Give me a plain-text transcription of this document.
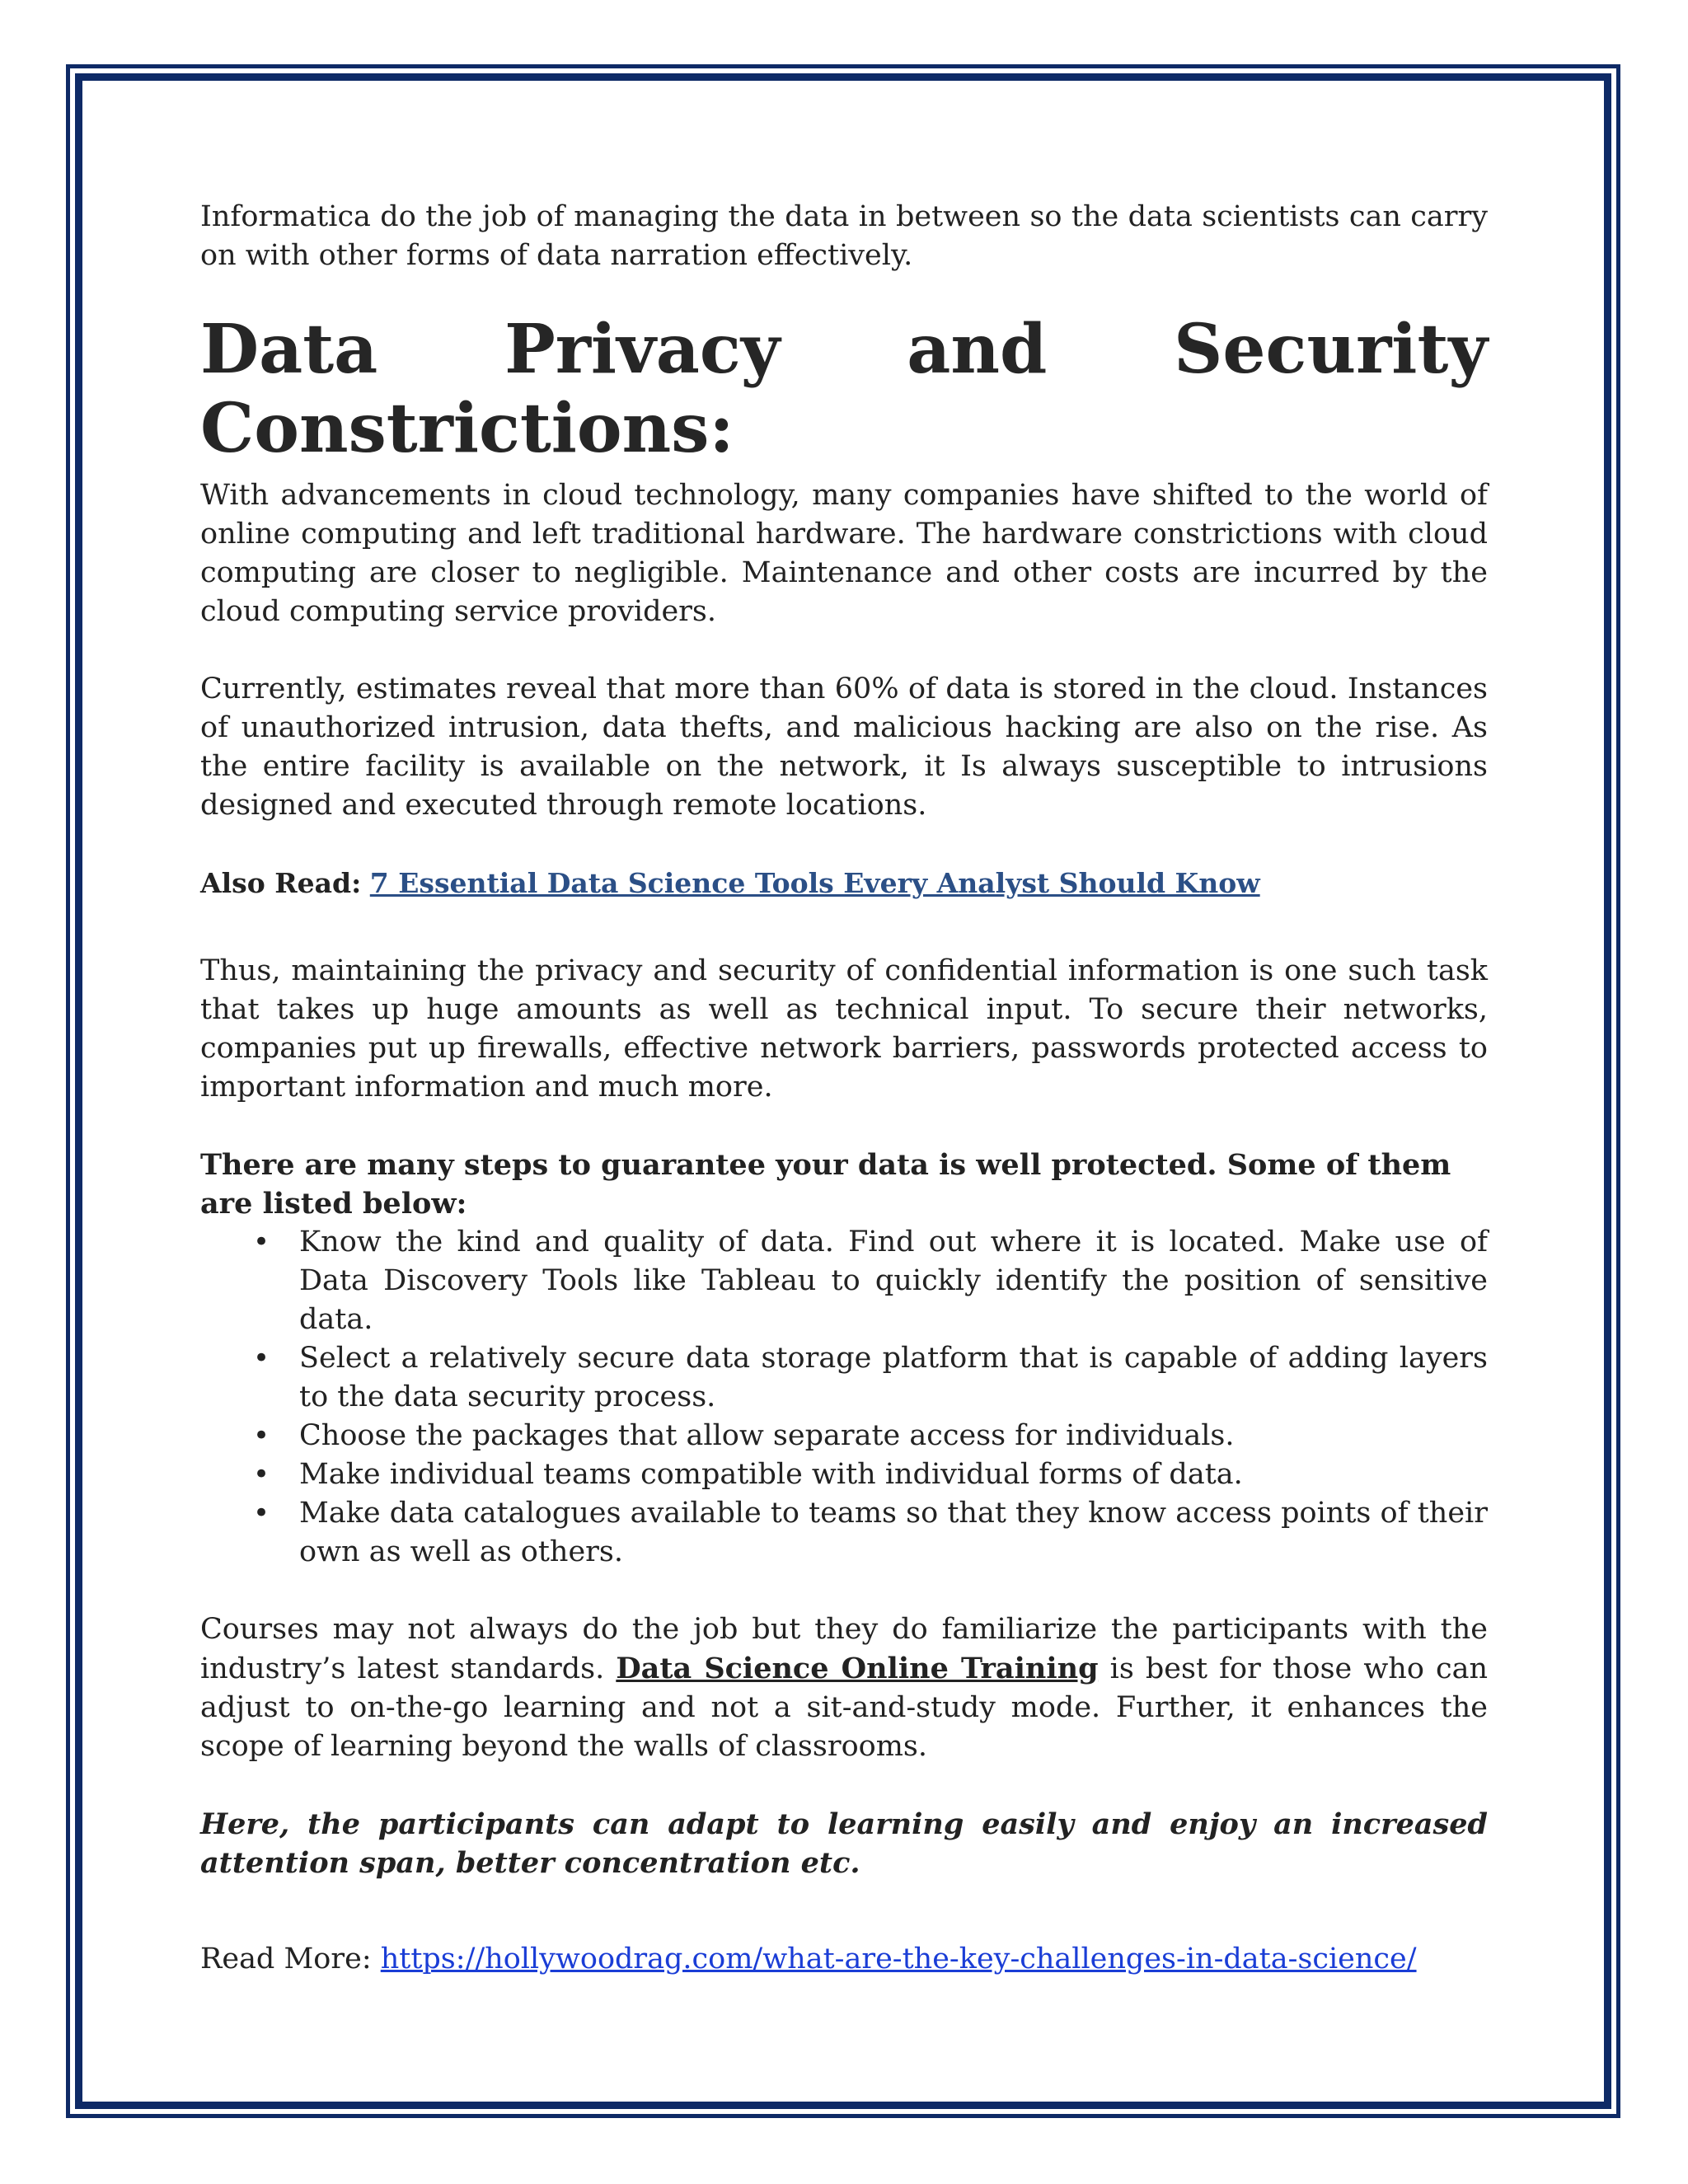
Informatica do the job of managing the data in between so the data scientists can carry on with other forms of data narration effectively.

Data Privacy and Security
Constrictions:

With advancements in cloud technology, many companies have shifted to the world of online computing and left traditional hardware. The hardware constrictions with cloud computing are closer to negligible. Maintenance and other costs are incurred by the cloud computing service providers.

Currently, estimates reveal that more than 60% of data is stored in the cloud. Instances of unauthorized intrusion, data thefts, and malicious hacking are also on the rise. As the entire facility is available on the network, it Is always susceptible to intrusions designed and executed through remote locations.

Also Read: 7 Essential Data Science Tools Every Analyst Should Know

Thus, maintaining the privacy and security of confidential information is one such task that takes up huge amounts as well as technical input. To secure their networks, companies put up firewalls, effective network barriers, passwords protected access to important information and much more.

There are many steps to guarantee your data is well protected. Some of them are listed below:

• Know the kind and quality of data. Find out where it is located. Make use of Data Discovery Tools like Tableau to quickly identify the position of sensitive data.
• Select a relatively secure data storage platform that is capable of adding layers to the data security process.
• Choose the packages that allow separate access for individuals.
• Make individual teams compatible with individual forms of data.
• Make data catalogues available to teams so that they know access points of their own as well as others.

Courses may not always do the job but they do familiarize the participants with the industry’s latest standards. Data Science Online Training is best for those who can adjust to on-the-go learning and not a sit-and-study mode. Further, it enhances the scope of learning beyond the walls of classrooms.

Here, the participants can adapt to learning easily and enjoy an increased attention span, better concentration etc.

Read More: https://hollywoodrag.com/what-are-the-key-challenges-in-data-science/
